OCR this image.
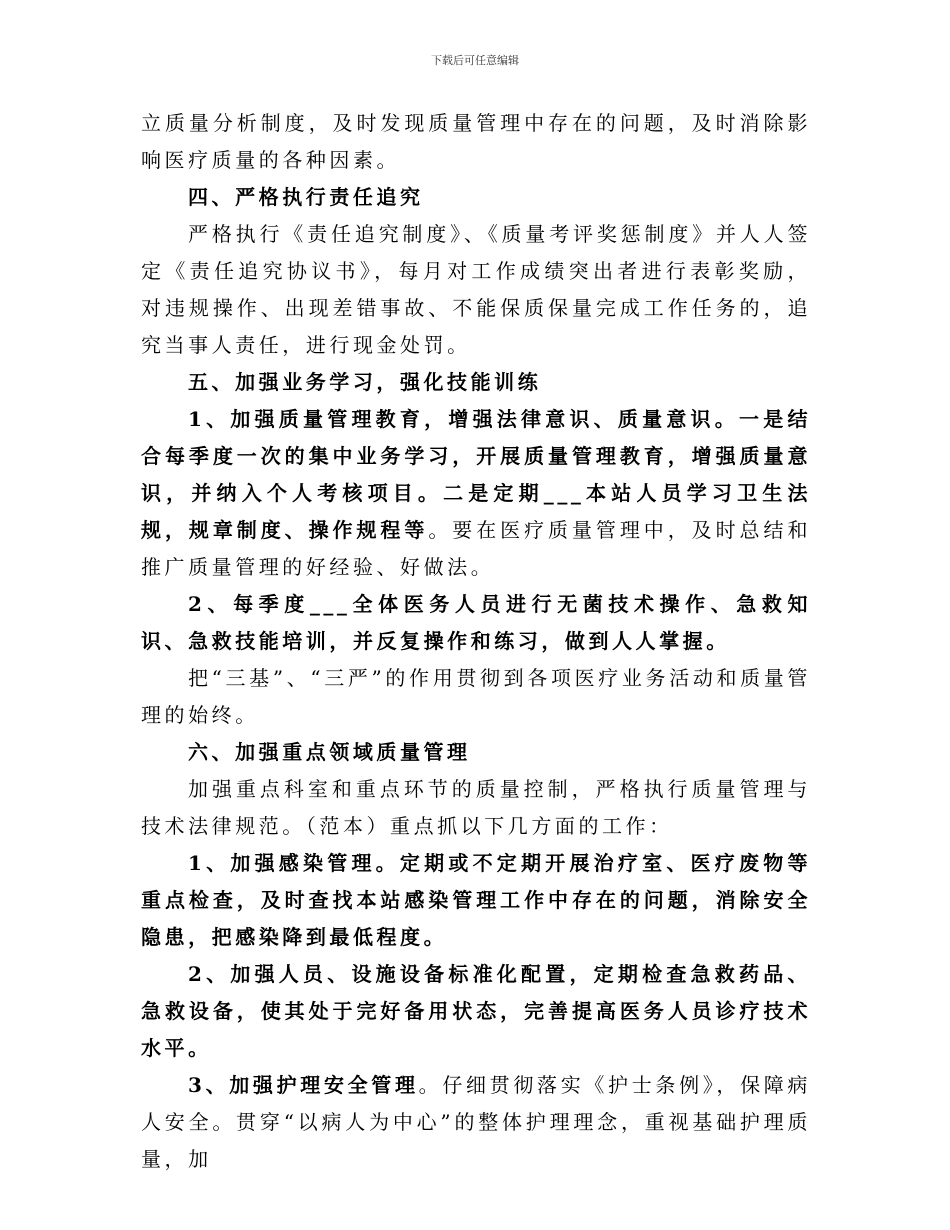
下载后可任意编辑

立质量分析制度，及时发现质量管理中存在的问题，及时消除影响医疗质量的各种因素。

四、严格执行责任追究

严格执行《责任追究制度》、《质量考评奖惩制度》并人人签定《责任追究协议书》，每月对工作成绩突出者进行表彰奖励，对违规操作、出现差错事故、不能保质保量完成工作任务的，追究当事人责任，进行现金处罚。

五、加强业务学习，强化技能训练

1、加强质量管理教育，增强法律意识、质量意识。一是结合每季度一次的集中业务学习，开展质量管理教育，增强质量意识，并纳入个人考核项目。二是定期___本站人员学习卫生法规，规章制度、操作规程等。要在医疗质量管理中，及时总结和推广质量管理的好经验、好做法。

2、每季度___全体医务人员进行无菌技术操作、急救知识、急救技能培训，并反复操作和练习，做到人人掌握。

把“三基”、“三严”的作用贯彻到各项医疗业务活动和质量管理的始终。

六、加强重点领域质量管理

加强重点科室和重点环节的质量控制，严格执行质量管理与技术法律规范。（范本）重点抓以下几方面的工作：

1、加强感染管理。定期或不定期开展治疗室、医疗废物等重点检查，及时查找本站感染管理工作中存在的问题，消除安全隐患，把感染降到最低程度。

2、加强人员、设施设备标准化配置，定期检查急救药品、急救设备，使其处于完好备用状态，完善提高医务人员诊疗技术水平。

3、加强护理安全管理。仔细贯彻落实《护士条例》，保障病人安全。贯穿“以病人为中心”的整体护理理念，重视基础护理质量，加
